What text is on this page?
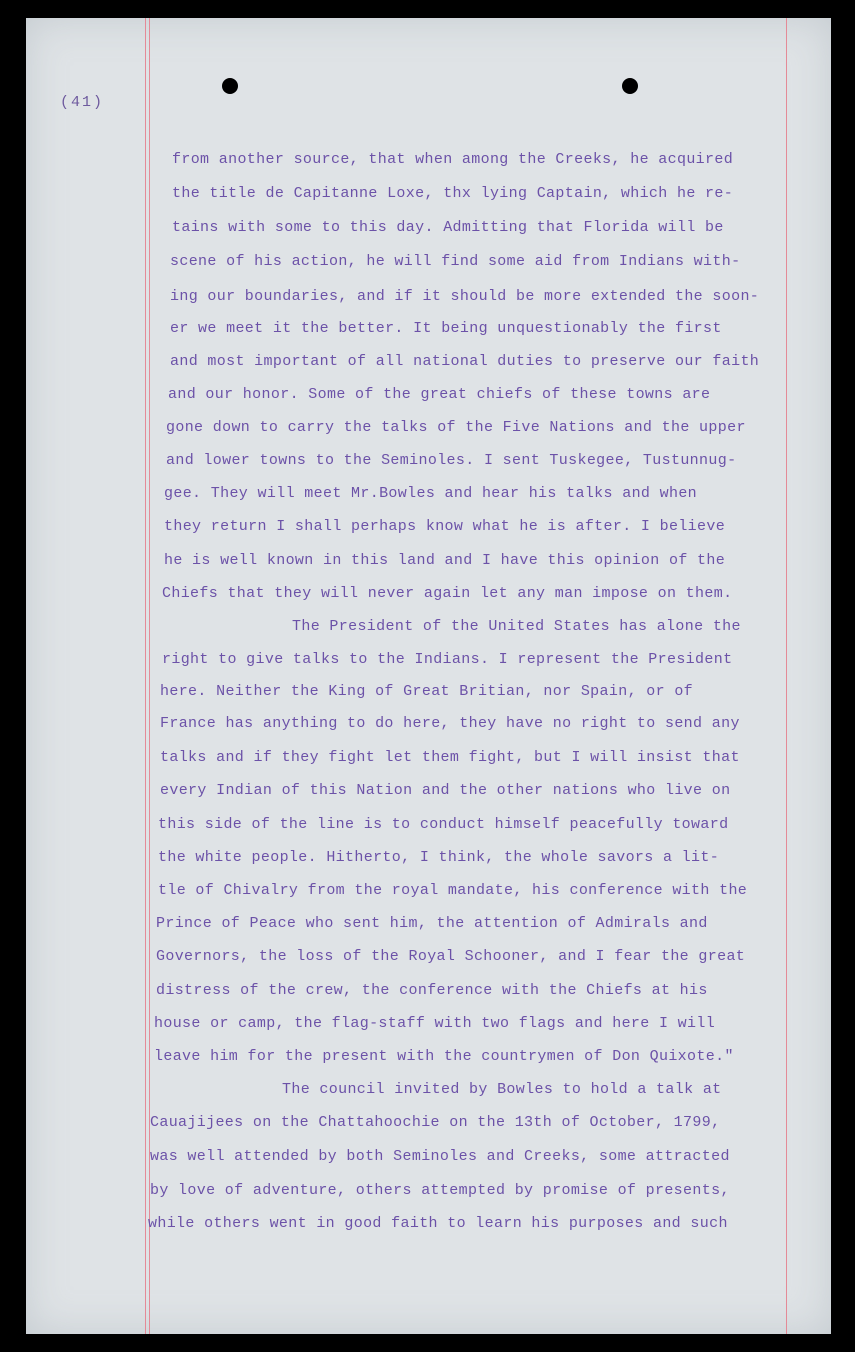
(41)
from another source, that when among the Creeks, he acquired
the title de Capitanne Loxe, thx lying Captain, which he re-
tains with some to this day. Admitting that Florida will be
scene of his action, he will find some aid from Indians with-
ing our boundaries, and if it should be more extended the soon-
er we meet it the better. It being unquestionably the first
and most important of all national duties to preserve our faith
and our honor. Some of the great chiefs of these towns are
gone down to carry the talks of the Five Nations and the upper
and lower towns to the Seminoles. I sent Tuskegee, Tustunnug-
gee. They will meet Mr.Bowles and hear his talks and when
they return I shall perhaps know what he is after. I believe
he is well known in this land and I have this opinion of the
Chiefs that they will never again let any man impose on them.
The President of the United States has alone the
right to give talks to the Indians. I represent the President
here. Neither the King of Great Britian, nor Spain, or of
France has anything to do here, they have no right to send any
talks and if they fight let them fight, but I will insist that
every Indian of this Nation and the other nations who live on
this side of the line is to conduct himself peacefully toward
the white people. Hitherto, I think, the whole savors a lit-
tle of Chivalry from the royal mandate, his conference with the
Prince of Peace who sent him, the attention of Admirals and
Governors, the loss of the Royal Schooner, and I fear the great
distress of the crew, the conference with the Chiefs at his
house or camp, the flag-staff with two flags and here I will
leave him for the present with the countrymen of Don Quixote."
The council invited by Bowles to hold a talk at
Cauajijees on the Chattahoochie on the 13th of October, 1799,
was well attended by both Seminoles and Creeks, some attracted
by love of adventure, others attempted by promise of presents,
while others went in good faith to learn his purposes and such
